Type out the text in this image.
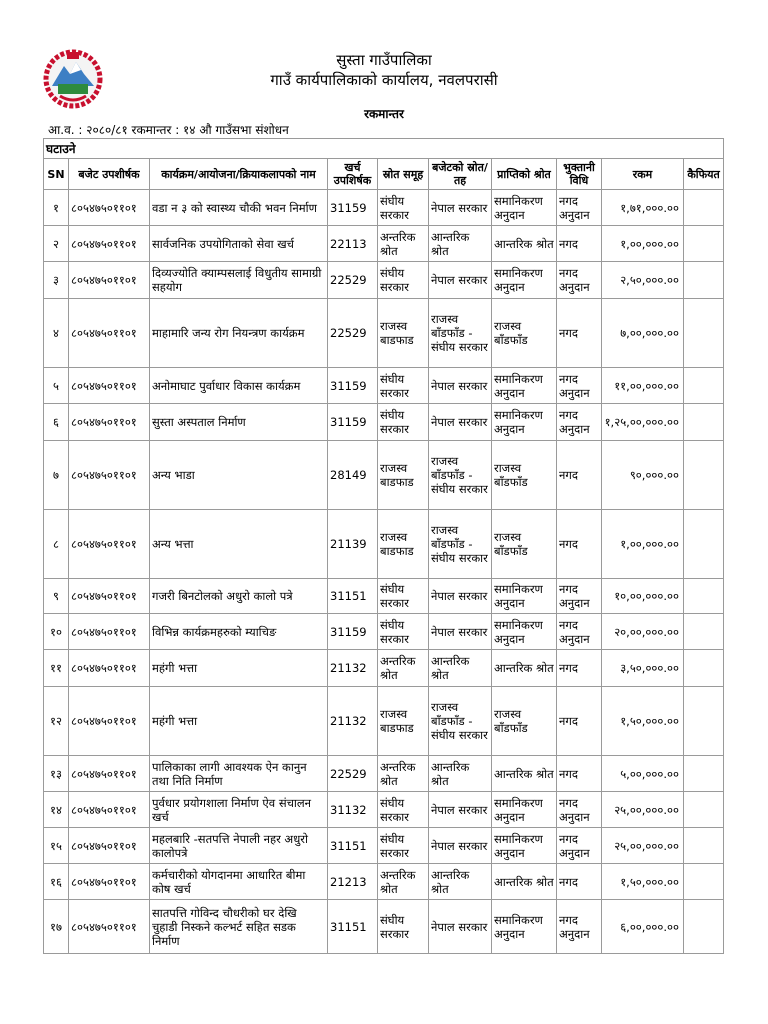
सुस्ता गाउँपालिका
गाउँ कार्यपालिकाको कार्यालय, नवलपरासी
रकमान्तर
आ.व. : २०८०/८१ रकमान्तर : १४ औ गाउँसभा संशोधन
घटाउने									
SN	बजेट उपशीर्षक	कार्यक्रम/आयोजना/क्रियाकलापको नाम	खर्च उपशिर्षक	स्रोत समूह	बजेटको स्रोत/तह	प्राप्तिको श्रोत	भुक्तानी विधि	रकम	कैफियत
१	८०५४७५०११०१	वडा न ३ को स्वास्थ्य चौकी भवन निर्माण	31159	संघीय सरकार	नेपाल सरकार	समानिकरण अनुदान	नगद अनुदान	१,७१,०००.००	
२	८०५४७५०११०१	सार्वजनिक उपयोगिताको सेवा खर्च	22113	अन्तरिक श्रोत	आन्तरिक श्रोत	आन्तरिक श्रोत	नगद	१,००,०००.००	
३	८०५४७५०११०१	दिव्यज्योति क्याम्पसलाई विधुतीय सामाग्री सहयोग	22529	संघीय सरकार	नेपाल सरकार	समानिकरण अनुदान	नगद अनुदान	२,५०,०००.००	
४	८०५४७५०११०१	माहामारि जन्य रोग नियन्त्रण कार्यक्रम	22529	राजस्व बाडफाड	राजस्व बाँडफाँड - संघीय सरकार	राजस्व बाँडफाँड	नगद	७,००,०००.००	
५	८०५४७५०११०१	अनोमाघाट पुर्वाधार विकास कार्यक्रम	31159	संघीय सरकार	नेपाल सरकार	समानिकरण अनुदान	नगद अनुदान	११,००,०००.००	
६	८०५४७५०११०१	सुस्ता अस्पताल निर्माण	31159	संघीय सरकार	नेपाल सरकार	समानिकरण अनुदान	नगद अनुदान	१,२५,००,०००.००	
७	८०५४७५०११०१	अन्य भाडा	28149	राजस्व बाडफाड	राजस्व बाँडफाँड - संघीय सरकार	राजस्व बाँडफाँड	नगद	९०,०००.००	
८	८०५४७५०११०१	अन्य भत्ता	21139	राजस्व बाडफाड	राजस्व बाँडफाँड - संघीय सरकार	राजस्व बाँडफाँड	नगद	१,००,०००.००	
९	८०५४७५०११०१	गजरी बिनटोलको अधुरो कालो पत्रे	31151	संघीय सरकार	नेपाल सरकार	समानिकरण अनुदान	नगद अनुदान	१०,००,०००.००	
१०	८०५४७५०११०१	विभिन्न कार्यक्रमहरुको म्याचिङ	31159	संघीय सरकार	नेपाल सरकार	समानिकरण अनुदान	नगद अनुदान	२०,००,०००.००	
११	८०५४७५०११०१	महंगी भत्ता	21132	अन्तरिक श्रोत	आन्तरिक श्रोत	आन्तरिक श्रोत	नगद	३,५०,०००.००	
१२	८०५४७५०११०१	महंगी भत्ता	21132	राजस्व बाडफाड	राजस्व बाँडफाँड - संघीय सरकार	राजस्व बाँडफाँड	नगद	१,५०,०००.००	
१३	८०५४७५०११०१	पालिकाका लागी आवश्यक ऐन कानुन तथा निति निर्माण	22529	अन्तरिक श्रोत	आन्तरिक श्रोत	आन्तरिक श्रोत	नगद	५,००,०००.००	
१४	८०५४७५०११०१	पुर्वधार प्रयोगशाला निर्माण ऐव संचालन खर्च	31132	संघीय सरकार	नेपाल सरकार	समानिकरण अनुदान	नगद अनुदान	२५,००,०००.००	
१५	८०५४७५०११०१	महलबारि -सतपत्ति नेपाली नहर अधुरो कालोपत्रे	31151	संघीय सरकार	नेपाल सरकार	समानिकरण अनुदान	नगद अनुदान	२५,००,०००.००	
१६	८०५४७५०११०१	कर्मचारीको योगदानमा आधारित बीमा कोष खर्च	21213	अन्तरिक श्रोत	आन्तरिक श्रोत	आन्तरिक श्रोत	नगद	१,५०,०००.००	
१७	८०५४७५०११०१	सातपत्ति गोविन्द चौधरीको घर देखि चुहाडी निस्कने कल्भर्ट सहित सडक निर्माण	31151	संघीय सरकार	नेपाल सरकार	समानिकरण अनुदान	नगद अनुदान	६,००,०००.००	
